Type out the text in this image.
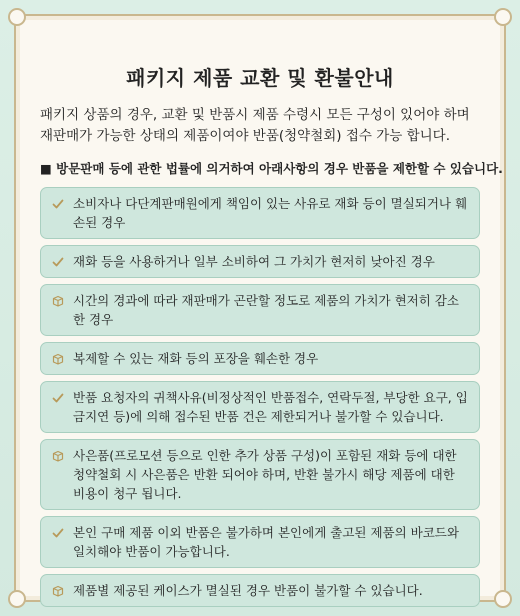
패키지 제품 교환 및 환불안내

패키지 상품의 경우, 교환 및 반품시 제품 수령시 모든 구성이 있어야 하며 재판매가 가능한 상태의 제품이여야 반품(청약철회) 접수 가능 합니다.

■ 방문판매 등에 관한 법률에 의거하여 아래사항의 경우 반품을 제한할 수 있습니다.

소비자나 다단계판매원에게 책임이 있는 사유로 재화 등이 멸실되거나 훼손된 경우
재화 등을 사용하거나 일부 소비하여 그 가치가 현저히 낮아진 경우
시간의 경과에 따라 재판매가 곤란할 정도로 제품의 가치가 현저히 감소한 경우
복제할 수 있는 재화 등의 포장을 훼손한 경우
반품 요청자의 귀책사유(비정상적인 반품접수, 연락두절, 부당한 요구, 입금지연 등)에 의해 접수된 반품 건은 제한되거나 불가할 수 있습니다.
사은품(프로모션 등으로 인한 추가 상품 구성)이 포함된 재화 등에 대한 청약철회 시 사은품은 반환 되어야 하며, 반환 불가시 해당 제품에 대한 비용이 청구 됩니다.
본인 구매 제품 이외 반품은 불가하며 본인에게 출고된 제품의 바코드와 일치해야 반품이 가능합니다.
제품별 제공된 케이스가 멸실된 경우 반품이 불가할 수 있습니다.
